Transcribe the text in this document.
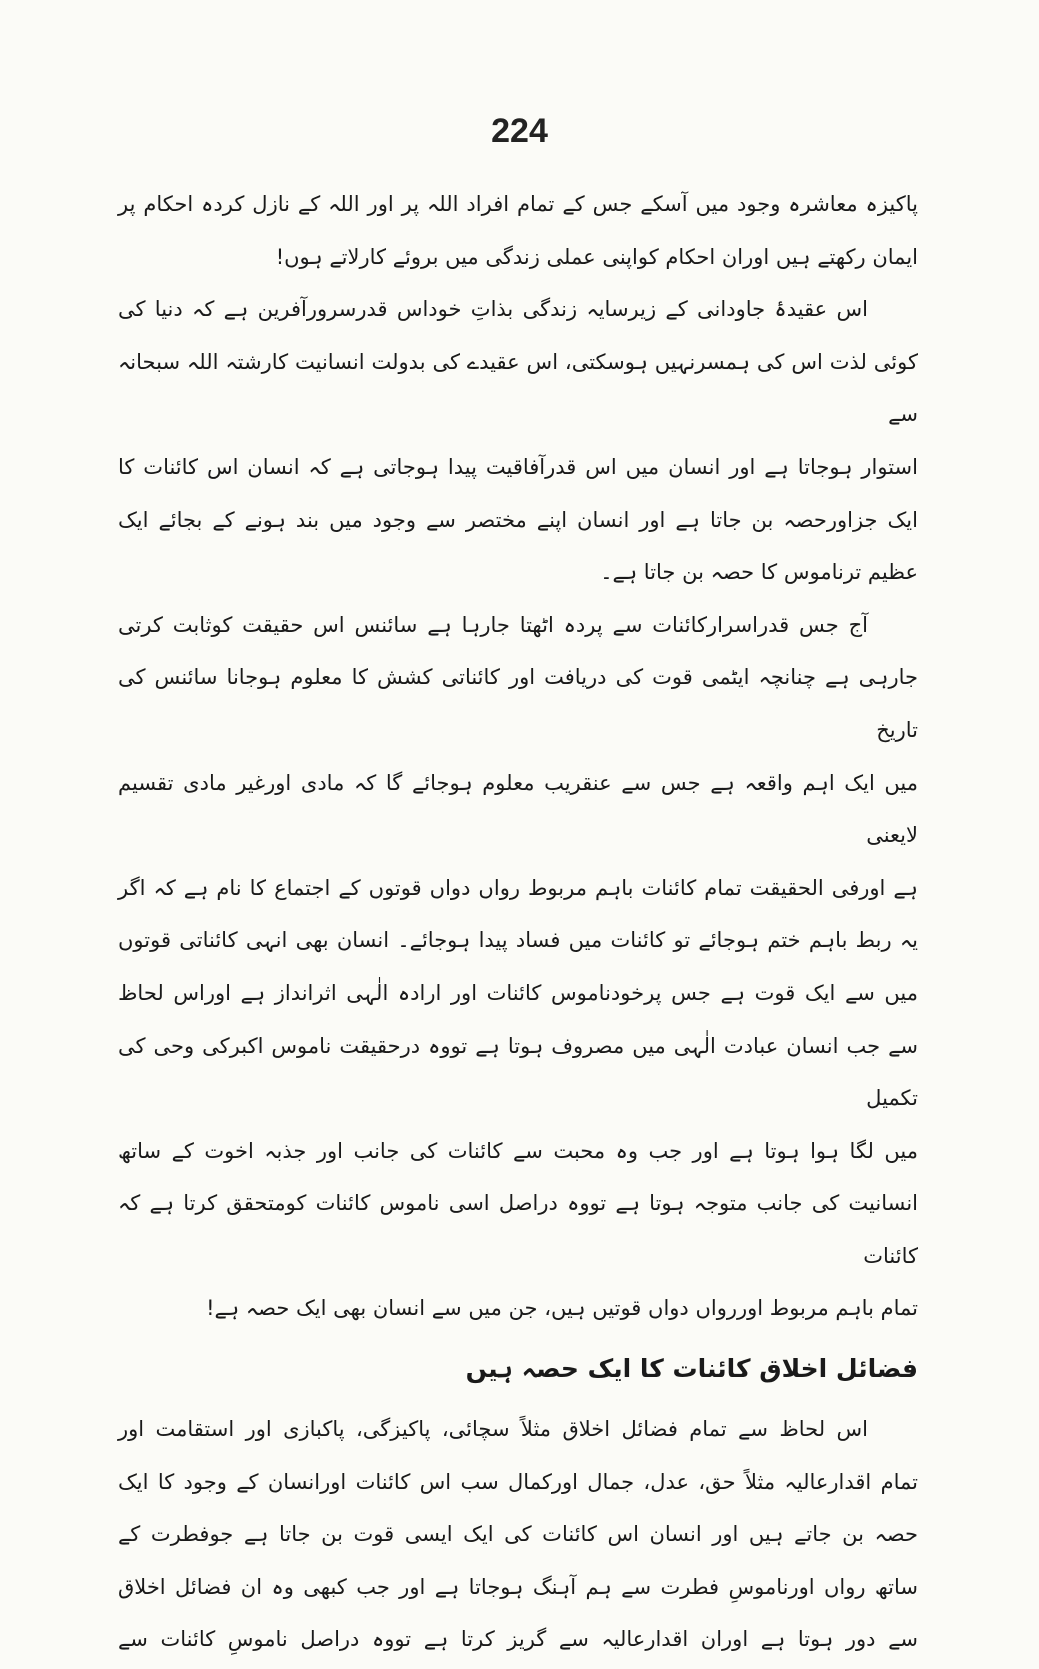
224
پاکیزہ معاشرہ وجود میں آسکے جس کے تمام افراد اللہ پر اور اللہ کے نازل کردہ احکام پر
ایمان رکھتے ہیں اوران احکام کواپنی عملی زندگی میں بروئے کارلاتے ہوں!
اس عقیدۂ جاودانی کے زیرسایہ زندگی بذاتِ خوداس قدرسرورآفرین ہے کہ دنیا کی
کوئی لذت اس کی ہمسرنہیں ہوسکتی، اس عقیدے کی بدولت انسانیت کارشتہ اللہ سبحانہ سے
استوار ہوجاتا ہے اور انسان میں اس قدرآفاقیت پیدا ہوجاتی ہے کہ انسان اس کائنات کا
ایک جزاورحصہ بن جاتا ہے اور انسان اپنے مختصر سے وجود میں بند ہونے کے بجائے ایک
عظیم ترناموس کا حصہ بن جاتا ہے۔
آج جس قدراسرارکائنات سے پردہ اٹھتا جارہا ہے سائنس اس حقیقت کوثابت کرتی
جارہی ہے چنانچہ ایٹمی قوت کی دریافت اور کائناتی کشش کا معلوم ہوجانا سائنس کی تاریخ
میں ایک اہم واقعہ ہے جس سے عنقریب معلوم ہوجائے گا کہ مادی اورغیر مادی تقسیم لایعنی
ہے اورفی الحقیقت تمام کائنات باہم مربوط رواں دواں قوتوں کے اجتماع کا نام ہے کہ اگر
یہ ربط باہم ختم ہوجائے تو کائنات میں فساد پیدا ہوجائے۔ انسان بھی انہی کائناتی قوتوں
میں سے ایک قوت ہے جس پرخودناموس کائنات اور ارادہ الٰہی اثرانداز ہے اوراس لحاظ
سے جب انسان عبادت الٰہی میں مصروف ہوتا ہے تووہ درحقیقت ناموس اکبرکی وحی کی تکمیل
میں لگا ہوا ہوتا ہے اور جب وہ محبت سے کائنات کی جانب اور جذبہ اخوت کے ساتھ
انسانیت کی جانب متوجہ ہوتا ہے تووہ دراصل اسی ناموس کائنات کومتحقق کرتا ہے کہ کائنات
تمام باہم مربوط اوررواں دواں قوتیں ہیں، جن میں سے انسان بھی ایک حصہ ہے!
فضائل اخلاق کائنات کا ایک حصہ ہیں
اس لحاظ سے تمام فضائل اخلاق مثلاً سچائی، پاکیزگی، پاکبازی اور استقامت اور
تمام اقدارعالیہ مثلاً حق، عدل، جمال اورکمال سب اس کائنات اورانسان کے وجود کا ایک
حصہ بن جاتے ہیں اور انسان اس کائنات کی ایک ایسی قوت بن جاتا ہے جوفطرت کے
ساتھ رواں اورناموسِ فطرت سے ہم آہنگ ہوجاتا ہے اور جب کبھی وہ ان فضائل اخلاق
سے دور ہوتا ہے اوران اقدارعالیہ سے گریز کرتا ہے تووہ دراصل ناموسِ کائنات سے
